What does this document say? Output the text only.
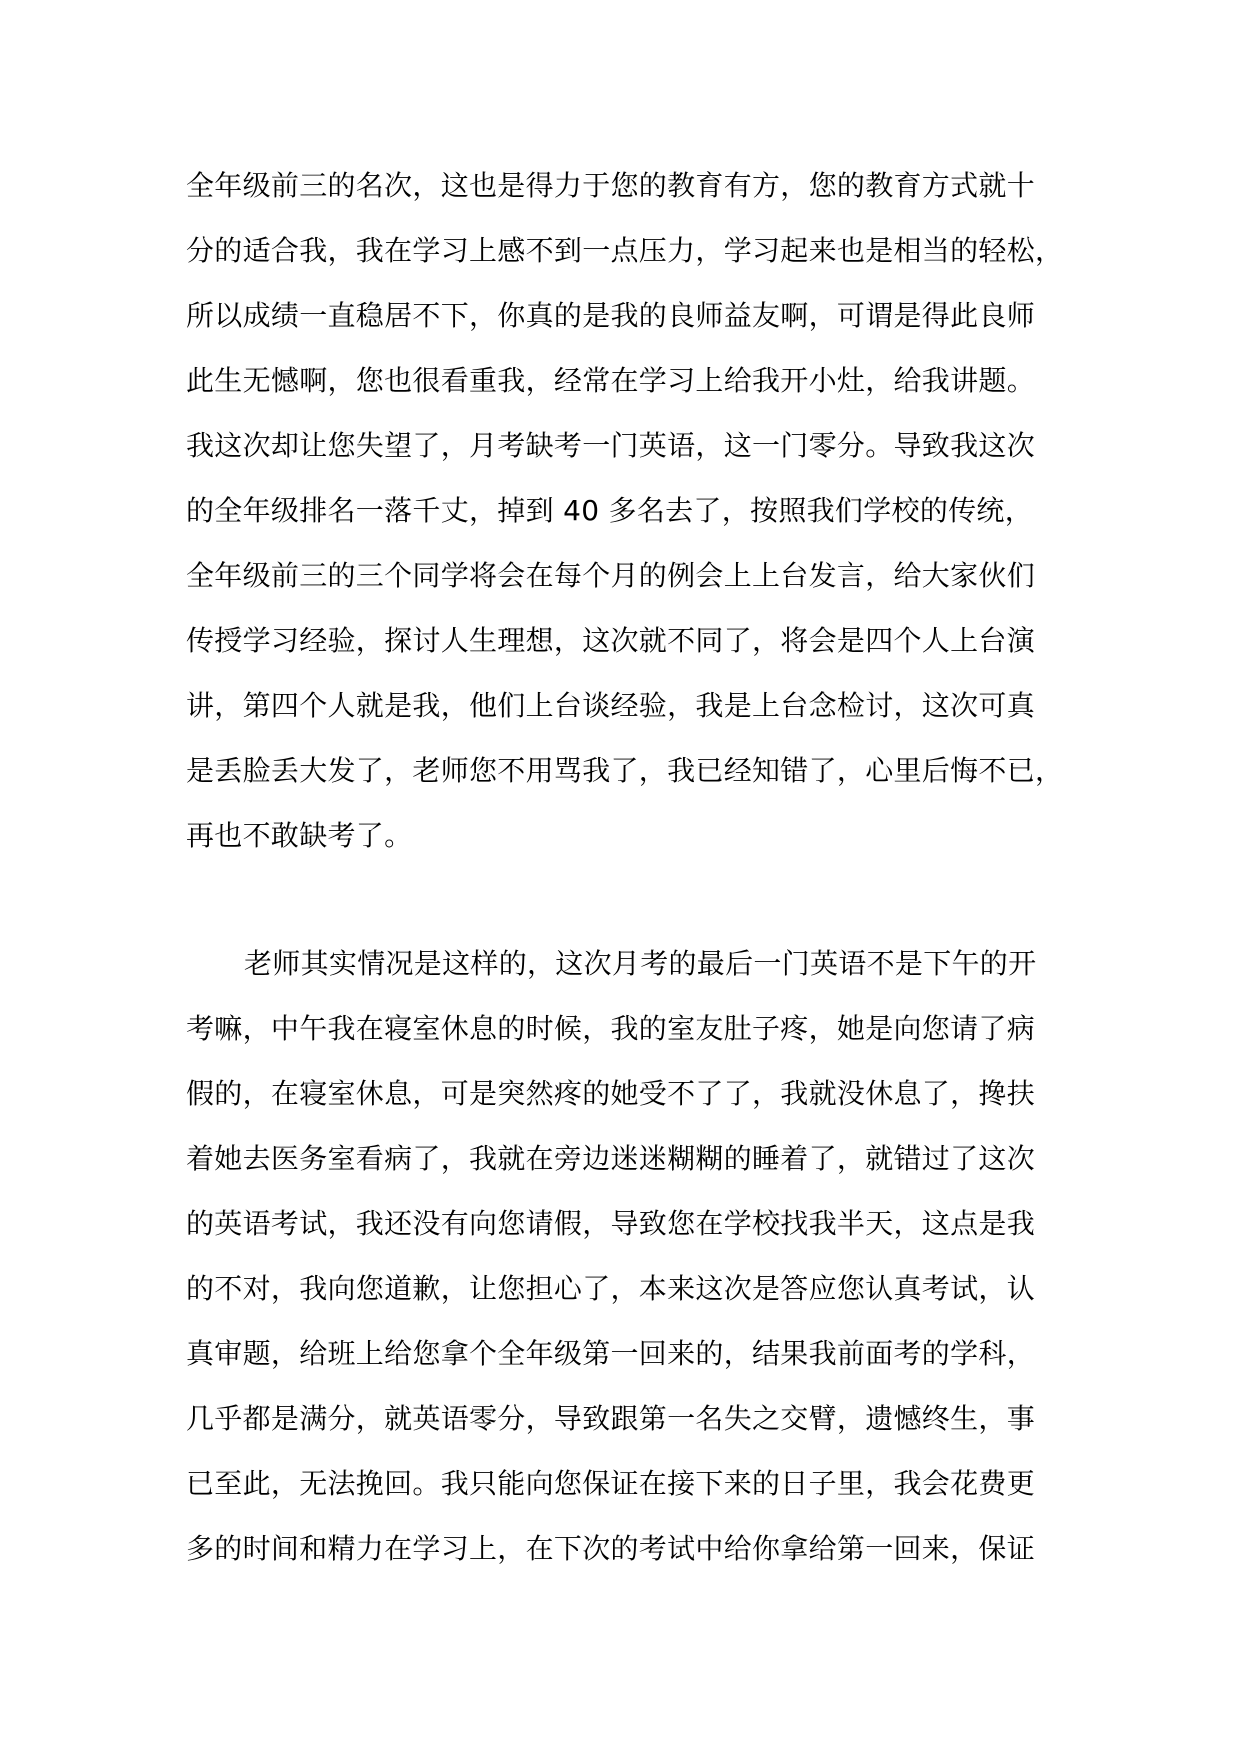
全年级前三的名次，这也是得力于您的教育有方，您的教育方式就十
分的适合我，我在学习上感不到一点压力，学习起来也是相当的轻松，
所以成绩一直稳居不下，你真的是我的良师益友啊，可谓是得此良师
此生无憾啊，您也很看重我，经常在学习上给我开小灶，给我讲题。
我这次却让您失望了，月考缺考一门英语，这一门零分。导致我这次
的全年级排名一落千丈，掉到 40 多名去了，按照我们学校的传统，
全年级前三的三个同学将会在每个月的例会上上台发言，给大家伙们
传授学习经验，探讨人生理想，这次就不同了，将会是四个人上台演
讲，第四个人就是我，他们上台谈经验，我是上台念检讨，这次可真
是丢脸丢大发了，老师您不用骂我了，我已经知错了，心里后悔不已，
再也不敢缺考了。
老师其实情况是这样的，这次月考的最后一门英语不是下午的开
考嘛，中午我在寝室休息的时候，我的室友肚子疼，她是向您请了病
假的，在寝室休息，可是突然疼的她受不了了，我就没休息了，搀扶
着她去医务室看病了，我就在旁边迷迷糊糊的睡着了，就错过了这次
的英语考试，我还没有向您请假，导致您在学校找我半天，这点是我
的不对，我向您道歉，让您担心了，本来这次是答应您认真考试，认
真审题，给班上给您拿个全年级第一回来的，结果我前面考的学科，
几乎都是满分，就英语零分，导致跟第一名失之交臂，遗憾终生，事
已至此，无法挽回。我只能向您保证在接下来的日子里，我会花费更
多的时间和精力在学习上，在下次的考试中给你拿给第一回来，保证
